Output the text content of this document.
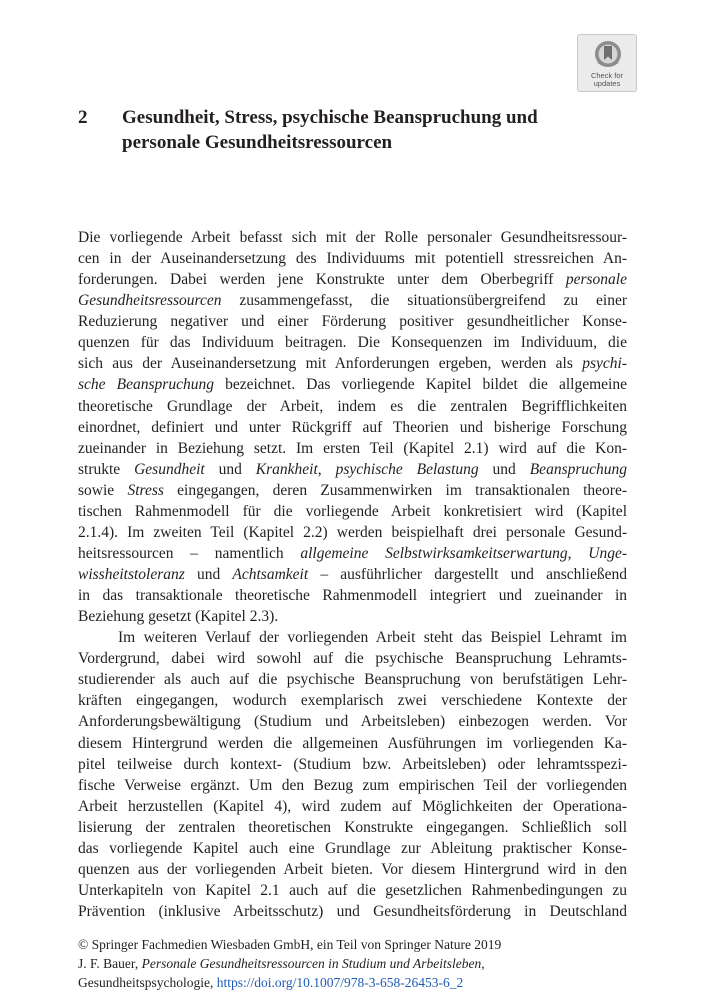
Check for
updates
2 Gesundheit, Stress, psychische Beanspruchung und
personale Gesundheitsressourcen
Die vorliegende Arbeit befasst sich mit der Rolle personaler Gesundheitsressour-
cen in der Auseinandersetzung des Individuums mit potentiell stressreichen An-
forderungen. Dabei werden jene Konstrukte unter dem Oberbegriff personale
Gesundheitsressourcen zusammengefasst, die situationsübergreifend zu einer
Reduzierung negativer und einer Förderung positiver gesundheitlicher Konse-
quenzen für das Individuum beitragen. Die Konsequenzen im Individuum, die
sich aus der Auseinandersetzung mit Anforderungen ergeben, werden als psychi-
sche Beanspruchung bezeichnet. Das vorliegende Kapitel bildet die allgemeine
theoretische Grundlage der Arbeit, indem es die zentralen Begrifflichkeiten
einordnet, definiert und unter Rückgriff auf Theorien und bisherige Forschung
zueinander in Beziehung setzt. Im ersten Teil (Kapitel 2.1) wird auf die Kon-
strukte Gesundheit und Krankheit, psychische Belastung und Beanspruchung
sowie Stress eingegangen, deren Zusammenwirken im transaktionalen theore-
tischen Rahmenmodell für die vorliegende Arbeit konkretisiert wird (Kapitel
2.1.4). Im zweiten Teil (Kapitel 2.2) werden beispielhaft drei personale Gesund-
heitsressourcen – namentlich allgemeine Selbstwirksamkeitserwartung, Unge-
wissheitstoleranz und Achtsamkeit – ausführlicher dargestellt und anschließend
in das transaktionale theoretische Rahmenmodell integriert und zueinander in
Beziehung gesetzt (Kapitel 2.3).
Im weiteren Verlauf der vorliegenden Arbeit steht das Beispiel Lehramt im
Vordergrund, dabei wird sowohl auf die psychische Beanspruchung Lehramts-
studierender als auch auf die psychische Beanspruchung von berufstätigen Lehr-
kräften eingegangen, wodurch exemplarisch zwei verschiedene Kontexte der
Anforderungsbewältigung (Studium und Arbeitsleben) einbezogen werden. Vor
diesem Hintergrund werden die allgemeinen Ausführungen im vorliegenden Ka-
pitel teilweise durch kontext- (Studium bzw. Arbeitsleben) oder lehramtsspezi-
fische Verweise ergänzt. Um den Bezug zum empirischen Teil der vorliegenden
Arbeit herzustellen (Kapitel 4), wird zudem auf Möglichkeiten der Operationa-
lisierung der zentralen theoretischen Konstrukte eingegangen. Schließlich soll
das vorliegende Kapitel auch eine Grundlage zur Ableitung praktischer Konse-
quenzen aus der vorliegenden Arbeit bieten. Vor diesem Hintergrund wird in den
Unterkapiteln von Kapitel 2.1 auch auf die gesetzlichen Rahmenbedingungen zu
Prävention (inklusive Arbeitsschutz) und Gesundheitsförderung in Deutschland
© Springer Fachmedien Wiesbaden GmbH, ein Teil von Springer Nature 2019
J. F. Bauer, Personale Gesundheitsressourcen in Studium und Arbeitsleben,
Gesundheitspsychologie, https://doi.org/10.1007/978-3-658-26453-6_2
